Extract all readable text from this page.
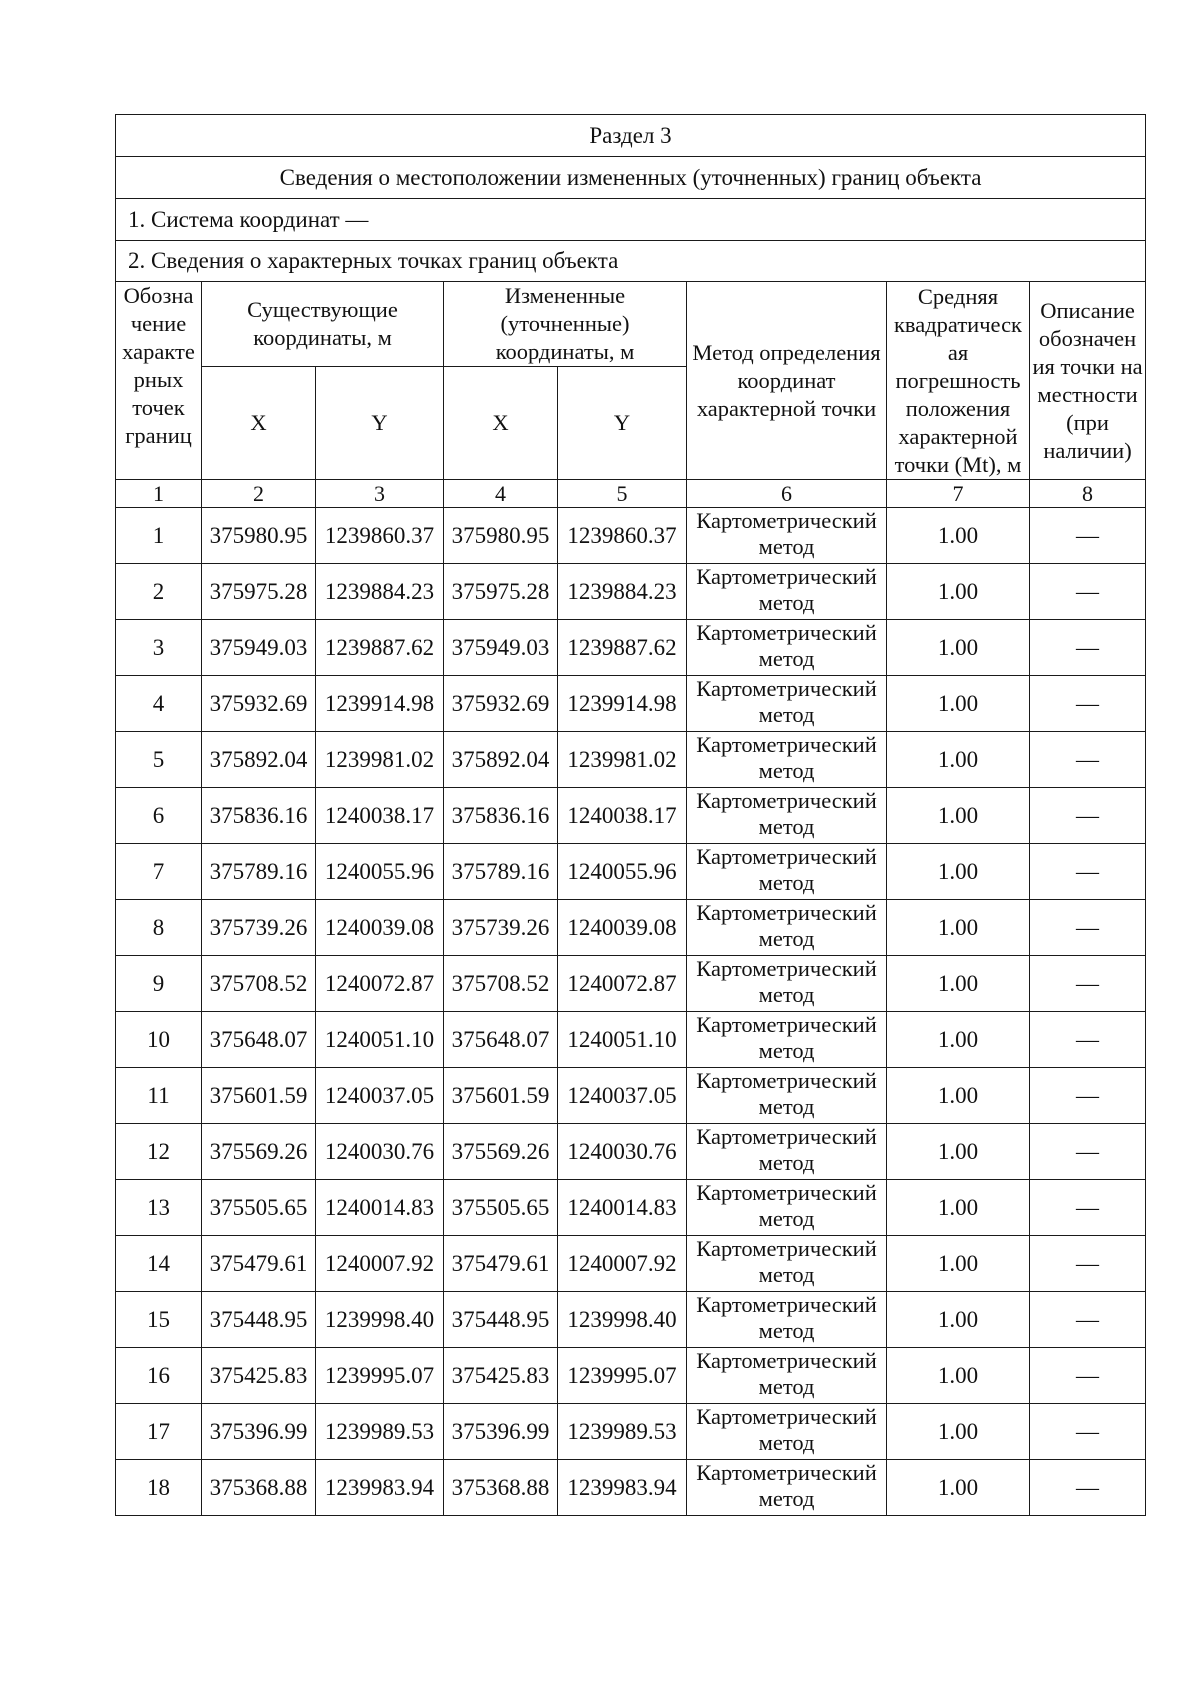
Раздел 3							
Сведения о местоположении измененных (уточненных) границ объекта							
1. Система координат —							
2. Сведения о характерных точках границ объекта							
Обозна чение характе рных точек границ	Существующие координаты, м		Измененные (уточненные) координаты, м		Метод определения координат характерной точки	Средняя квадратическ ая погрешность положения характерной точки (Mt), м	Описание обозначен ия точки на местности (при наличии)
	X	Y	X	Y			
1	2	3	4	5	6	7	8
1	375980.95	1239860.37	375980.95	1239860.37	Картометрический метод	1.00	—
2	375975.28	1239884.23	375975.28	1239884.23	Картометрический метод	1.00	—
3	375949.03	1239887.62	375949.03	1239887.62	Картометрический метод	1.00	—
4	375932.69	1239914.98	375932.69	1239914.98	Картометрический метод	1.00	—
5	375892.04	1239981.02	375892.04	1239981.02	Картометрический метод	1.00	—
6	375836.16	1240038.17	375836.16	1240038.17	Картометрический метод	1.00	—
7	375789.16	1240055.96	375789.16	1240055.96	Картометрический метод	1.00	—
8	375739.26	1240039.08	375739.26	1240039.08	Картометрический метод	1.00	—
9	375708.52	1240072.87	375708.52	1240072.87	Картометрический метод	1.00	—
10	375648.07	1240051.10	375648.07	1240051.10	Картометрический метод	1.00	—
11	375601.59	1240037.05	375601.59	1240037.05	Картометрический метод	1.00	—
12	375569.26	1240030.76	375569.26	1240030.76	Картометрический метод	1.00	—
13	375505.65	1240014.83	375505.65	1240014.83	Картометрический метод	1.00	—
14	375479.61	1240007.92	375479.61	1240007.92	Картометрический метод	1.00	—
15	375448.95	1239998.40	375448.95	1239998.40	Картометрический метод	1.00	—
16	375425.83	1239995.07	375425.83	1239995.07	Картометрический метод	1.00	—
17	375396.99	1239989.53	375396.99	1239989.53	Картометрический метод	1.00	—
18	375368.88	1239983.94	375368.88	1239983.94	Картометрический метод	1.00	—
